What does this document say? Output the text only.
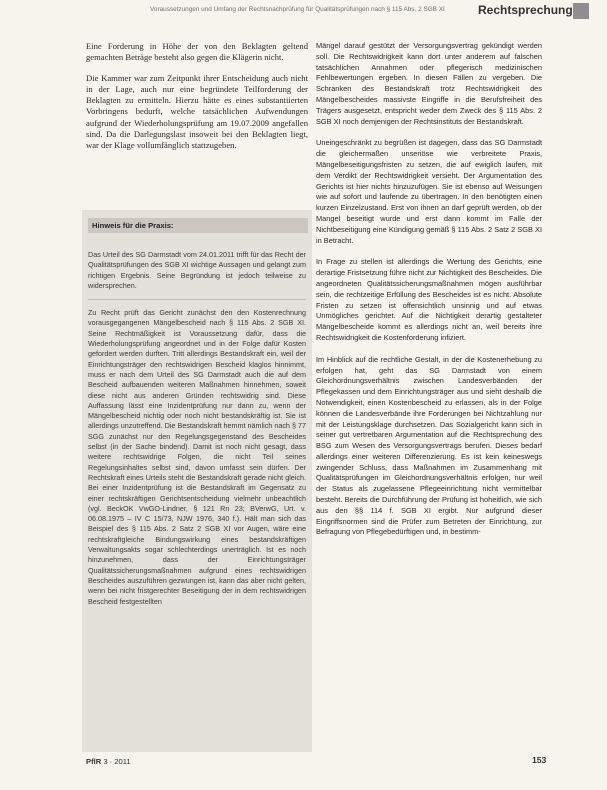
Voraussetzungen und Umfang der Rechtsnachprüfung für Qualitätsprüfungen nach § 115 Abs. 2 SGB XI	Rechtsprechung

Eine Forderung in Höhe der von den Beklagten geltend gemachten Beträge besteht also gegen die Klägerin nicht.

Die Kammer war zum Zeitpunkt ihrer Entscheidung auch nicht in der Lage, auch nur eine begründete Teilforderung der Beklagten zu ermitteln. Hierzu hätte es eines substantiierten Vorbringens bedurft, welche tatsächlichen Aufwendungen aufgrund der Wiederholungsprüfung am 19.07.2009 angefallen sind. Da die Darlegungslast insoweit bei den Beklagten liegt, war der Klage vollumfänglich stattzugeben.

Hinweis für die Praxis:

Das Urteil des SG Darmstadt vom 24.01.2011 trifft für das Recht der Qualitätsprüfungen des SGB XI wichtige Aussagen und gelangt zum richtigen Ergebnis. Seine Begründung ist jedoch teilweise zu widersprechen.

Zu Recht prüft das Gericht zunächst den den Kostenrechnung vorausgegangenen Mängelbescheid nach § 115 Abs. 2 SGB XI. Seine Rechtmäßigkeit ist Voraussetzung dafür, dass die Wiederholungsprüfung angeordnet und in der Folge dafür Kosten gefordert werden durften. Tritt allerdings Bestandskraft ein, weil der Einrichtungsträger den rechtswidrigen Bescheid klaglos hinnimmt, muss er nach dem Urteil des SG Darmstadt auch die auf dem Bescheid aufbauenden weiteren Maßnahmen hinnehmen, soweit diese nicht aus anderen Gründen rechtswidrig sind. Diese Auffassung lässt eine Inzidentprüfung nur dann zu, wenn der Mängelbescheid nichtig oder noch nicht bestandskräftig ist. Sie ist allerdings unzutreffend. Die Bestandskraft hemmt nämlich nach § 77 SGG zunächst nur den Regelungsgegenstand des Bescheides selbst (in der Sache bindend). Damit ist noch nicht gesagt, dass weitere rechtswidrige Folgen, die nicht Teil seines Regelungsinhaltes selbst sind, davon umfasst sein dürfen. Der Rechtskraft eines Urteils steht die Bestandskraft gerade nicht gleich. Bei einer Inzidentprüfung ist die Bestandskraft im Gegensatz zu einer rechtskräftigen Gerichtsentscheidung vielmehr unbeachtlich (vgl. BeckOK VwGO-Lindner, § 121 Rn 23; BVerwG, Urt. v. 06.08.1975 – IV C 15/73, NJW 1976, 340 f.). Hält man sich das Beispiel des § 115 Abs. 2 Satz 2 SGB XI vor Augen, wäre eine rechtskraftgleiche Bindungswirkung eines bestandskräftigen Verwaltungsakts sogar schlechterdings unerträglich. Ist es noch hinzunehmen, dass der Einrichtungsträger Qualitätssicherungsmaßnahmen aufgrund eines rechtswidrigen Bescheides auszuführen gezwungen ist, kann das aber nicht gelten, wenn bei nicht fristgerechter Beseitigung der in dem rechtswidrigen Bescheid festgestellten

Mängel darauf gestützt der Versorgungsvertrag gekündigt werden soll. Die Rechtswidrigkeit kann dort unter anderem auf falschen tatsächlichen Annahmen oder pflegerisch medizinischen Fehlbewertungen ergeben. In diesen Fällen zu vergeben. Die Schranken des Bestandskraft trotz Rechtswidrigkeit des Mängelbescheides massivste Eingriffe in die Berufsfreiheit des Trägers ausgesetzt, entspricht weder dem Zweck des § 115 Abs. 2 SGB XI noch demjenigen der Rechtsinstituts der Bestandskraft.

Uneingeschränkt zu begrüßen ist dagegen, dass das SG Darmstadt die gleichermaßen unseriöse wie verbreitete Praxis, Mängelbeseitigungsfristen zu setzen, die auf ewiglich laufen, mit dem Verdikt der Rechtswidrigkeit versieht. Der Argumentation des Gerichts ist hier nichts hinzuzufügen. Sie ist ebenso auf Weisungen wie auf sofort und laufende zu übertragen. In den benötigten einen kurzen Einzelzustand. Erst von ihnen an darf geprüft werden, ob der Mangel beseitigt wurde und erst dann kommt im Falle der Nichtbeseitigung eine Kündigung gemäß § 115 Abs. 2 Satz 2 SGB XI in Betracht.

In Frage zu stellen ist allerdings die Wertung des Gerichts, eine derartige Fristsetzung führe nicht zur Nichtigkeit des Bescheides. Die angeordneten Qualitätssicherungsmaßnahmen mögen ausführbar sein, die rechtzeitige Erfüllung des Bescheides ist es nicht. Absolute Fristen zu setzen ist offensichtlich unsinnig und auf etwas Unmögliches gerichtet. Auf die Nichtigkeit derartig gestalteter Mängelbescheide kommt es allerdings nicht an, weil bereits ihre Rechtswidrigkeit die Kostenforderung infiziert.

Im Hinblick auf die rechtliche Gestalt, in der die Kostenerhebung zu erfolgen hat, geht das SG Darmstadt von einem Gleichordnungsverhältnis zwischen Landesverbänden der Pflegekassen und dem Einrichtungsträger aus und sieht deshalb die Notwendigkeit, einen Kostenbescheid zu erlassen, als in der Folge können die Landesverbände ihre Forderungen bei Nichtzahlung nur mit der Leistungsklage durchsetzen. Das Sozialgericht kann sich in seiner gut vertretbaren Argumentation auf die Rechtsprechung des BSG zum Wesen des Versorgungsvertrags berufen. Dieses bedarf allerdings einer weiteren Differenzierung. Es ist kein keineswegs zwingender Schluss, dass Maßnahmen im Zusammenhang mit Qualitätsprüfungen im Gleichordnungsverhältnis erfolgen, nur weil der Status als zugelassene Pflegeeinrichtung nicht vermittelbar besteht. Bereits die Durchführung der Prüfung ist hoheitlich, wie sich aus den §§ 114 f. SGB XI ergibt. Nur aufgrund dieser Eingriffsnormen sind die Prüfer zum Betreten der Einrichtung, zur Befragung von Pflegebedürftigen und, in bestimm-

PflR 3 · 2011	153
